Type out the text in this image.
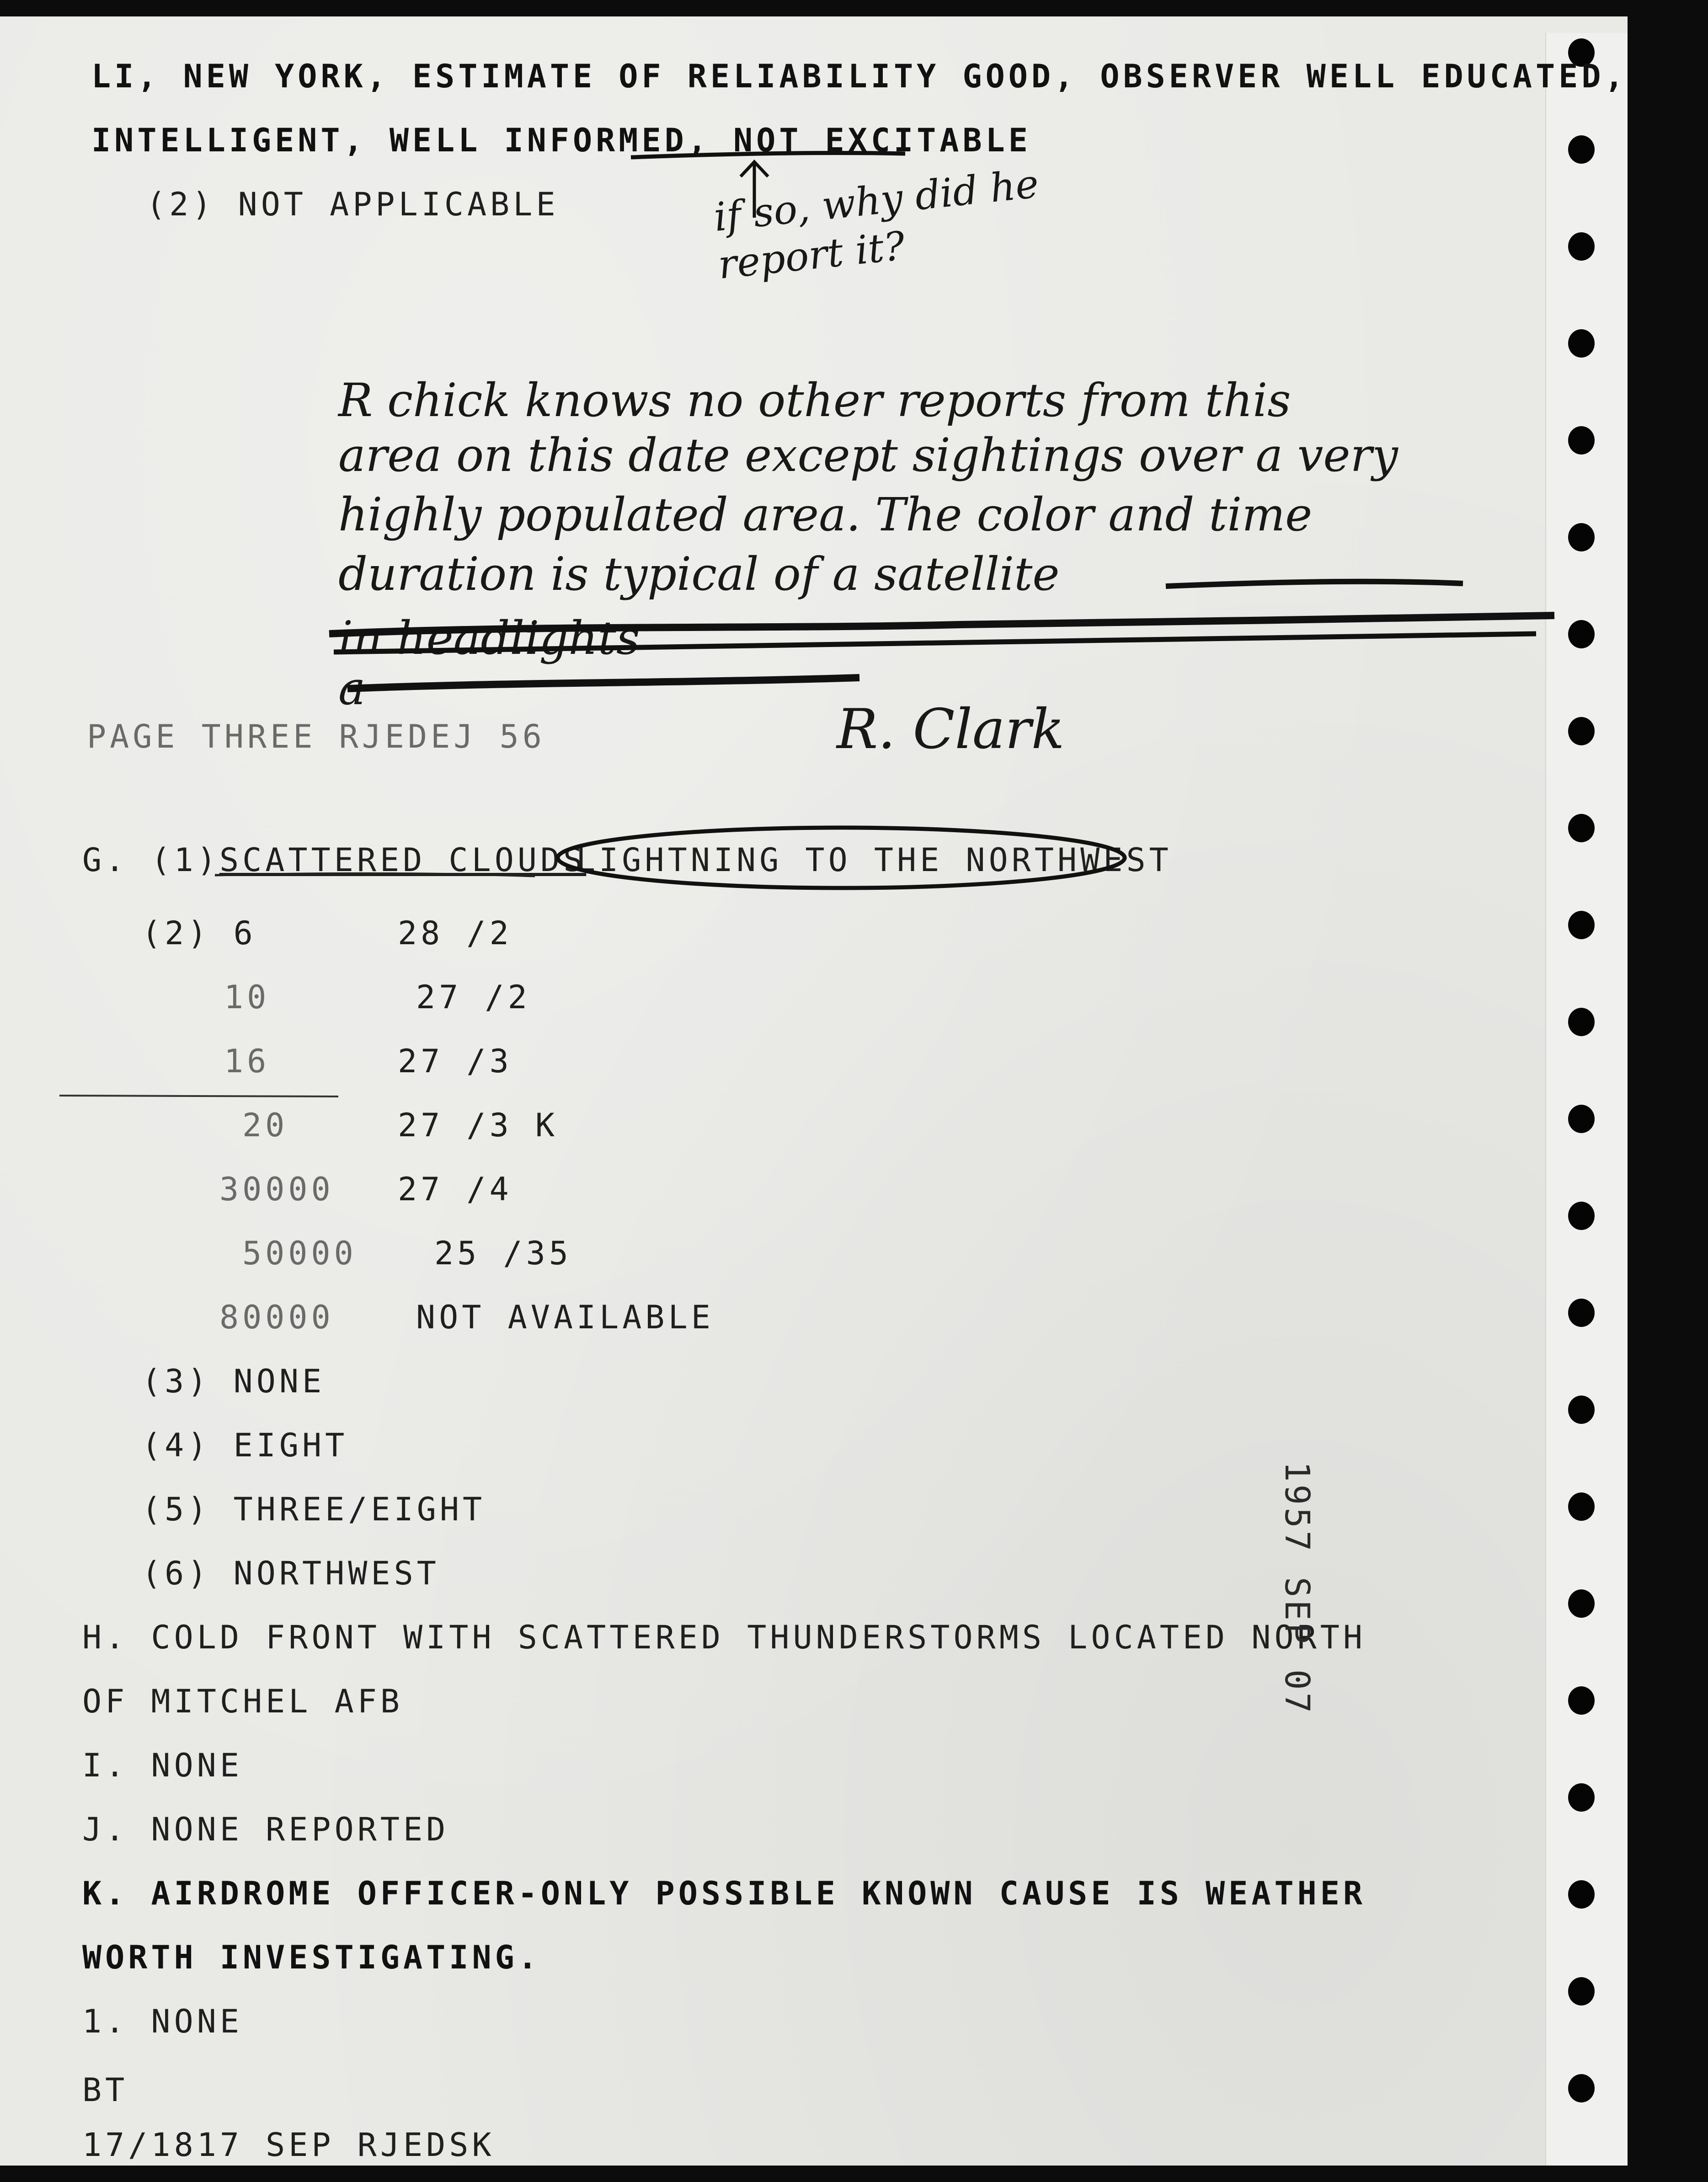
LI, NEW YORK, ESTIMATE OF RELIABILITY GOOD, OBSERVER WELL EDUCATED,
INTELLIGENT, WELL INFORMED, NOT EXCITABLE
(2) NOT APPLICABLE	if so, why did he
report it?
R chick knows no other reports from this
area on this date except sightings over a very
highly populated area. The color and time
duration is typical of a satellite
in headlights
a
R. Clark
PAGE THREE RJEDEJ 56
G. (1)
SCATTERED CLOUDS
LIGHTNING TO THE NORTHWEST
(2) 6	28 /2
10	27 /2
16	27 /3
20	27 /3 K
30000 27 /4
50000 25 /35
80000	NOT AVAILABLE
(3) NONE
(4) EIGHT
(5) THREE/EIGHT
(6) NORTHWEST
H. COLD FRONT WITH SCATTERED THUNDERSTORMS LOCATED NORTH
OF MITCHEL AFB
I. NONE
J. NONE REPORTED
K. AIRDROME OFFICER-ONLY POSSIBLE KNOWN CAUSE IS WEATHER
WORTH INVESTIGATING.
1. NONE
BT
17/1817 SEP RJEDSK
1957 SEP 07
